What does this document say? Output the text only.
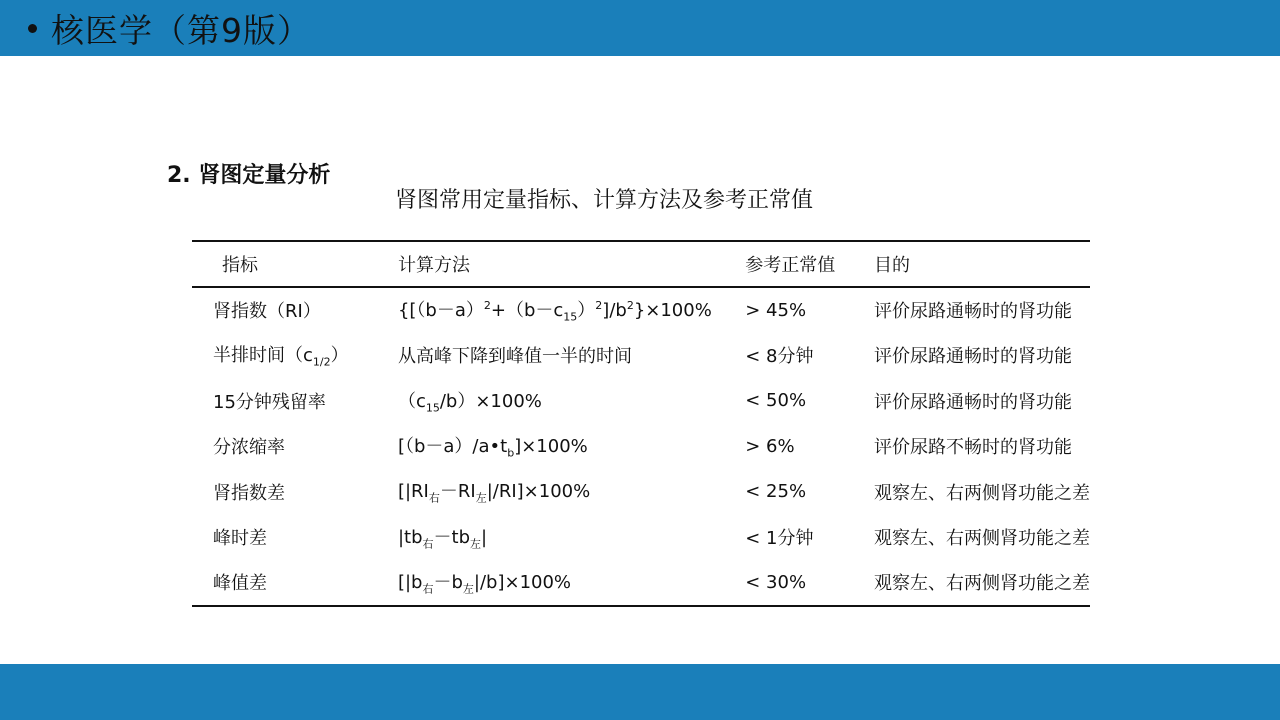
核医学（第9版）
2. 肾图定量分析
肾图常用定量指标、计算方法及参考正常值
指标	计算方法	参考正常值	目的
肾指数（RI）	$\{[(b-a)^2+(b-c_{15})^2]/b^2\}\times 100\%$	> 45%	评价尿路通畅时的肾功能
半排时间$(c_{1/2})$	从高峰下降到峰值一半的时间	< 8分钟	评价尿路通畅时的肾功能
15分钟残留率	$(c_{15}/b)\times 100\%$	< 50%	评价尿路通畅时的肾功能
分浓缩率	$[(b-a)/a•t_b]\times 100\%$	> 6%	评价尿路不畅时的肾功能
肾指数差	$[|RI_右-RI_左|/RI]\times 100\%$	< 25%	观察左、右两侧肾功能之差
峰时差	$|tb_右-tb_左|$	< 1分钟	观察左、右两侧肾功能之差
峰值差	$[|b_右-b_左|/b]\times 100\%$	< 30%	观察左、右两侧肾功能之差
